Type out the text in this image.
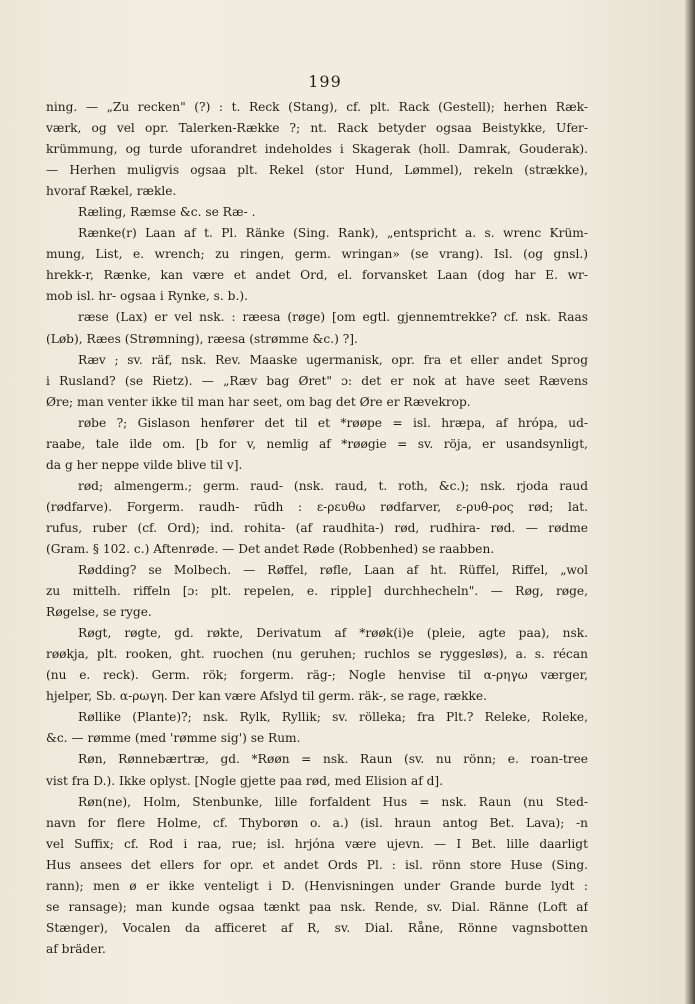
199
ning. — „Zu recken" (?) : t. Reck (Stang), cf. plt. Rack (Gestell); herhen Ræk-
værk, og vel opr. Talerken-Række ?; nt. Rack betyder ogsaa Beistykke, Ufer-
krümmung, og turde uforandret indeholdes i Skagerak (holl. Damrak, Gouderak).
— Herhen muligvis ogsaa plt. Rekel (stor Hund, Lømmel), rekeln (strække),
hvoraf Rækel, rækle.
Ræling, Ræmse &c. se Ræ- .
Rænke(r) Laan af t. Pl. Ränke (Sing. Rank), „entspricht a. s. wrenc Krüm-
mung, List, e. wrench; zu ringen, germ. wringan» (se vrang). Isl. (og gnsl.)
hrekk-r, Rænke, kan være et andet Ord, el. forvansket Laan (dog har E. wr-
mob isl. hr- ogsaa i Rynke, s. b.).
ræse (Lax) er vel nsk. : ræesa (røge) [om egtl. gjennemtrekke? cf. nsk. Raas
(Løb), Ræes (Strømning), ræesa (strømme &c.) ?].
Ræv ; sv. räf, nsk. Rev. Maaske ugermanisk, opr. fra et eller andet Sprog
i Rusland? (se Rietz). — „Ræv bag Øret" ɔ: det er nok at have seet Rævens
Øre; man venter ikke til man har seet, om bag det Øre er Rævekrop.
røbe ?; Gislason henfører det til et *røøpe = isl. hræpa, af hrópa, ud-
raabe, tale ilde om. [b for v, nemlig af *røøgie = sv. röja, er usandsynligt,
da g her neppe vilde blive til v].
rød; almengerm.; germ. raud- (nsk. raud, t. roth, &c.); nsk. rjoda raud
(rødfarve). Forgerm. raudh- rūdh : ε-ρευθω rødfarver, ε-ρυθ-ρος rød; lat.
rufus, ruber (cf. Ord); ind. rohita- (af raudhita-) rød, rudhira- rød. — rødme
(Gram. § 102. c.) Aftenrøde. — Det andet Røde (Robbenhed) se raabben.
Rødding? se Molbech. — Røffel, røfle, Laan af ht. Rüffel, Riffel, „wol
zu mittelh. riffeln [ɔ: plt. repelen, e. ripple] durchhecheln". — Røg, røge,
Røgelse, se ryge.
Røgt, røgte, gd. røkte, Derivatum af *røøk(i)e (pleie, agte paa), nsk.
røøkja, plt. rooken, ght. ruochen (nu geruhen; ruchlos se ryggesløs), a. s. récan
(nu e. reck). Germ. rök; forgerm. räg-; Nogle henvise til α-ρηγω værger,
hjelper, Sb. α-ρωγη. Der kan være Afslyd til germ. räk-, se rage, række.
Røllike (Plante)?; nsk. Rylk, Ryllik; sv. rölleka; fra Plt.? Releke, Roleke,
&c. — rømme (med 'rømme sig') se Rum.
Røn, Rønnebærtræ, gd. *Røøn = nsk. Raun (sv. nu rönn; e. roan-tree
vist fra D.). Ikke oplyst. [Nogle gjette paa rød, med Elision af d].
Røn(ne), Holm, Stenbunke, lille forfaldent Hus = nsk. Raun (nu Sted-
navn for flere Holme, cf. Thyborøn o. a.) (isl. hraun antog Bet. Lava); -n
vel Suffix; cf. Rod i raa, rue; isl. hrjóna være ujevn. — I Bet. lille daarligt
Hus ansees det ellers for opr. et andet Ords Pl. : isl. rönn store Huse (Sing.
rann); men ø er ikke venteligt i D. (Henvisningen under Grande burde lydt :
se ransage); man kunde ogsaa tænkt paa nsk. Rende, sv. Dial. Ränne (Loft af
Stænger), Vocalen da afficeret af R, sv. Dial. Råne, Rönne vagnsbotten
af bräder.
